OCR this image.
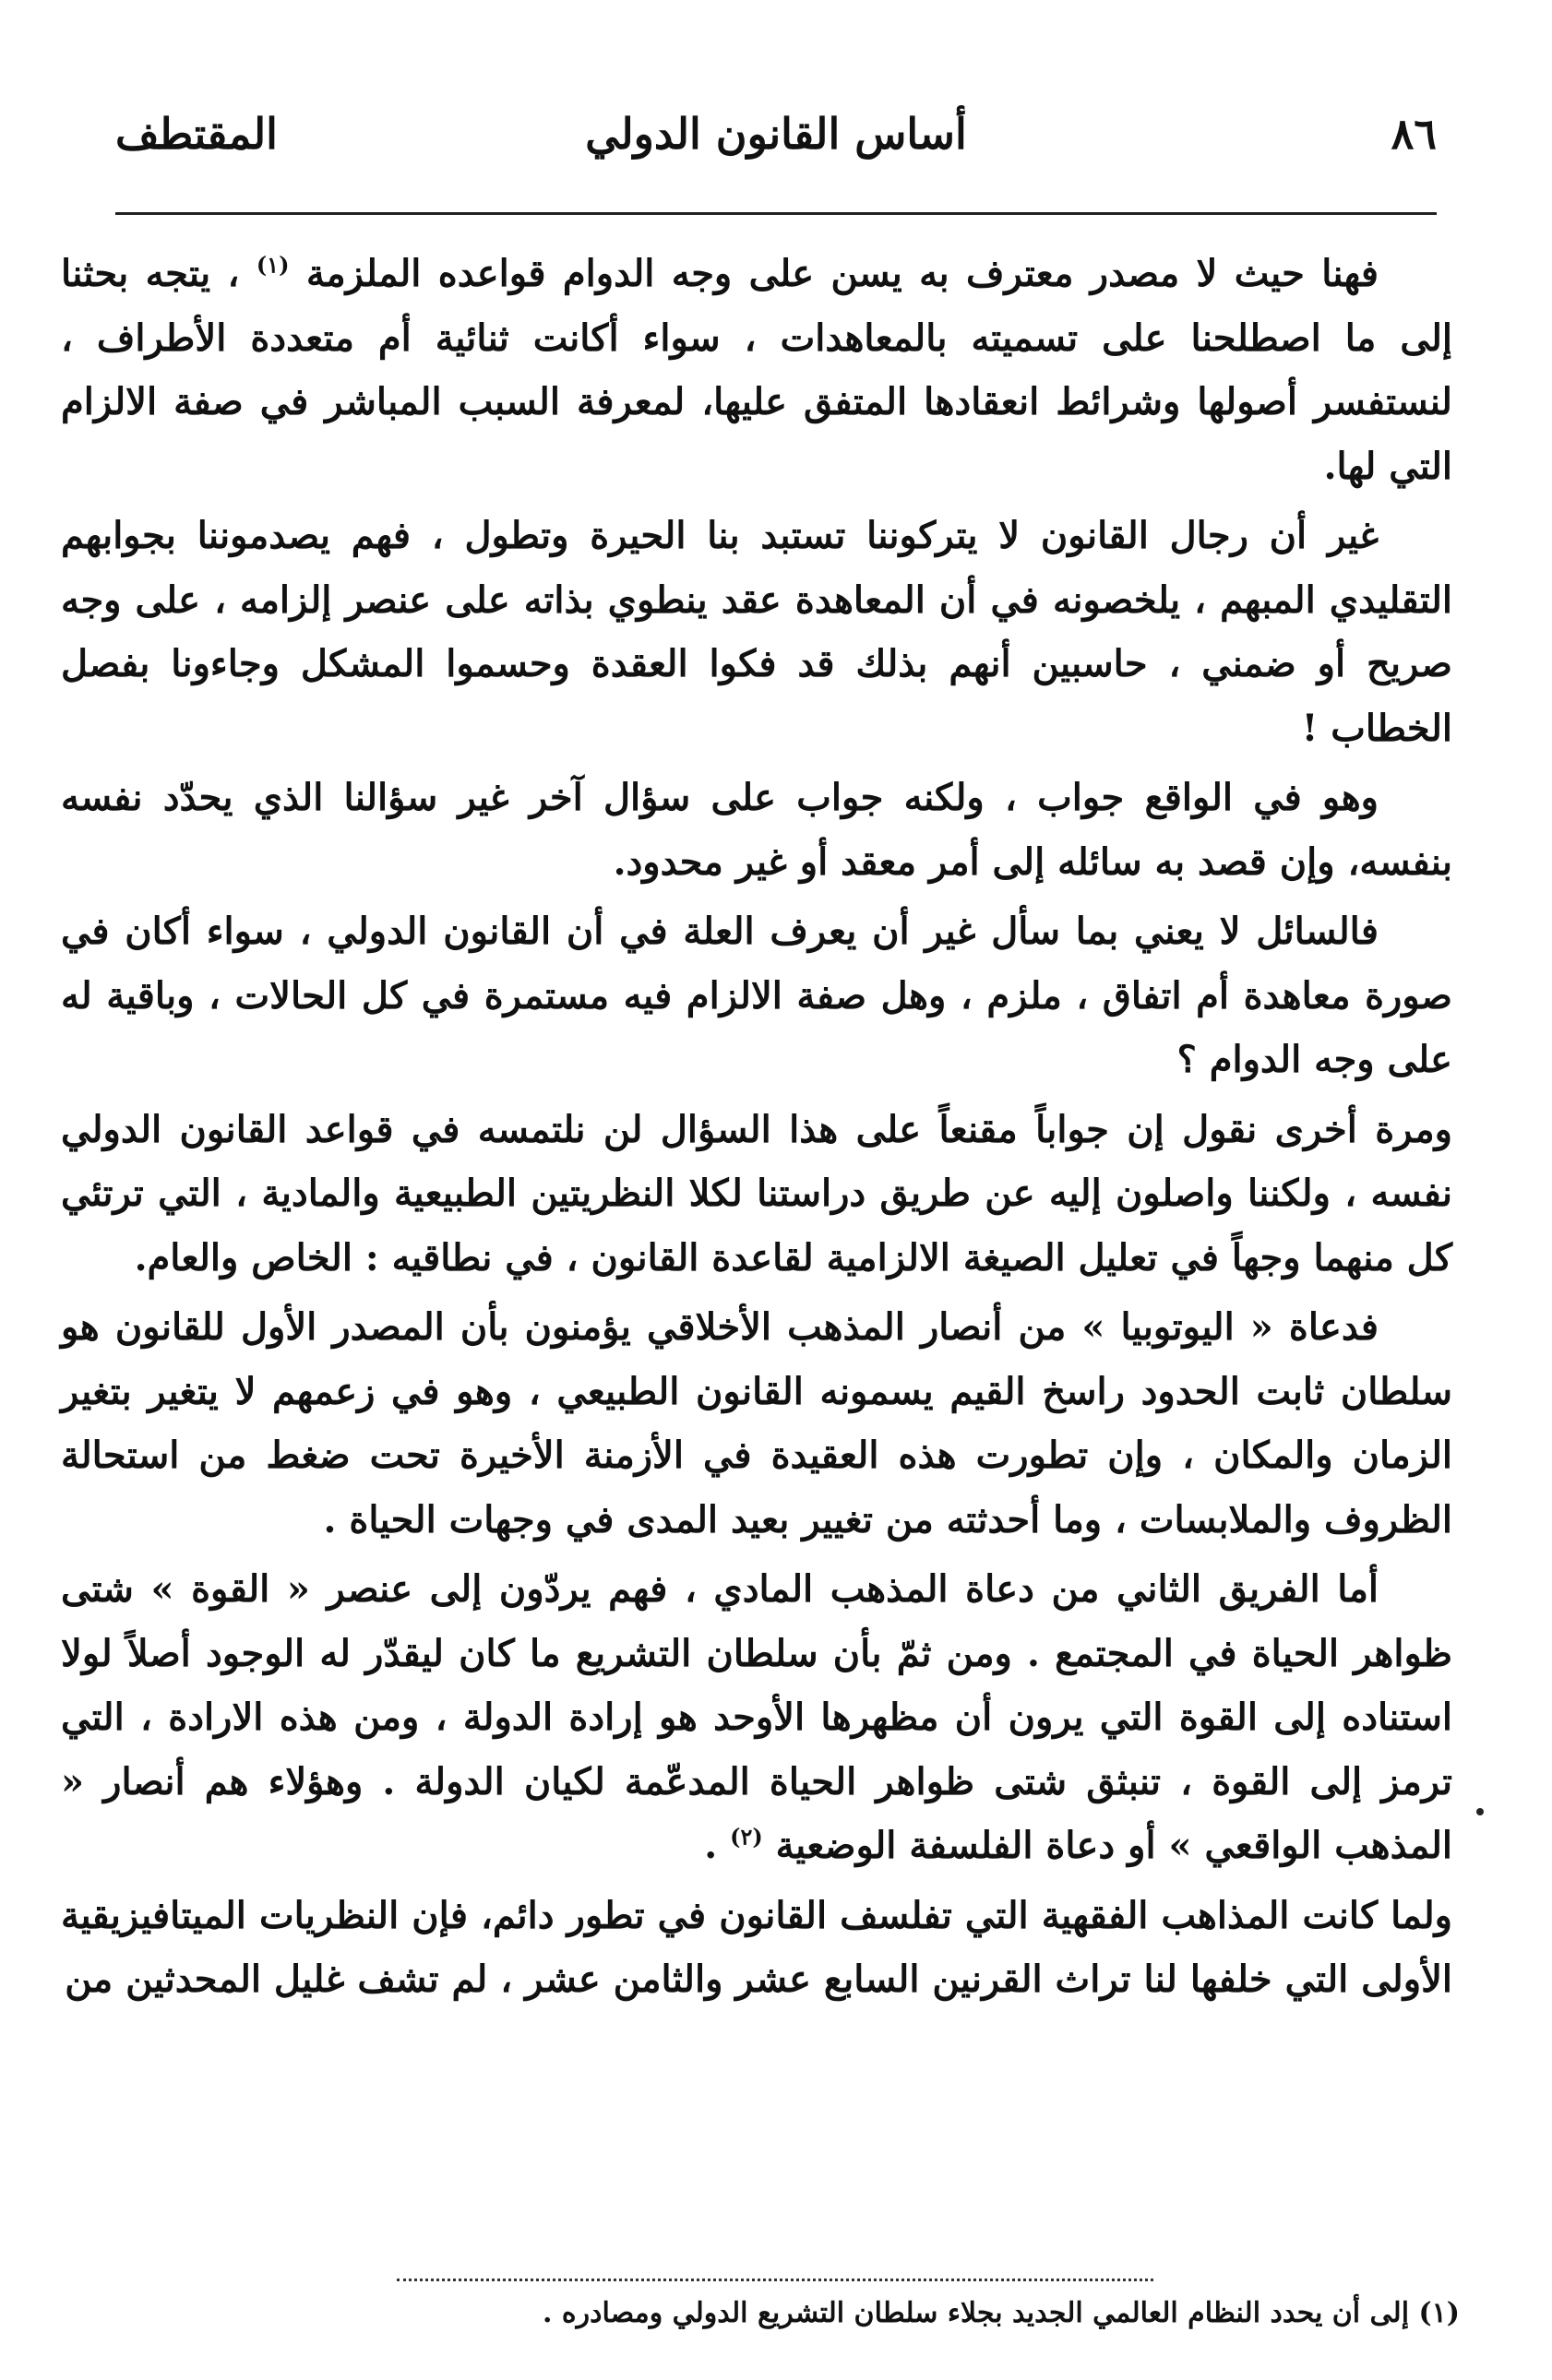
٨٦
أساس القانون الدولي
المقتطف

فهنا حيث لا مصدر معترف به يسن على وجه الدوام قواعده الملزمة $^{(١)}$ ، يتجه بحثنا إلى ما اصطلحنا على تسميته بالمعاهدات ، سواء أكانت ثنائية أم متعددة الأطراف ، لنستفسر أصولها وشرائط انعقادها المتفق عليها، لمعرفة السبب المباشر في صفة الالزام التي لها.

غير أن رجال القانون لا يتركوننا تستبد بنا الحيرة وتطول ، فهم يصدموننا بجوابهم التقليدي المبهم ، يلخصونه في أن المعاهدة عقد ينطوي بذاته على عنصر إلزامه ، على وجه صريح أو ضمني ، حاسبين أنهم بذلك قد فكوا العقدة وحسموا المشكل وجاءونا بفصل الخطاب !

وهو في الواقع جواب ، ولكنه جواب على سؤال آخر غير سؤالنا الذي يحدّد نفسه بنفسه، وإن قصد به سائله إلى أمر معقد أو غير محدود.

فالسائل لا يعني بما سأل غير أن يعرف العلة في أن القانون الدولي ، سواء أكان في صورة معاهدة أم اتفاق ، ملزم ، وهل صفة الالزام فيه مستمرة في كل الحالات ، وباقية له على وجه الدوام ؟

ومرة أخرى نقول إن جواباً مقنعاً على هذا السؤال لن نلتمسه في قواعد القانون الدولي نفسه ، ولكننا واصلون إليه عن طريق دراستنا لكلا النظريتين الطبيعية والمادية ، التي ترتئي كل منهما وجهاً في تعليل الصيغة الالزامية لقاعدة القانون ، في نطاقيه : الخاص والعام.

فدعاة « اليوتوبيا » من أنصار المذهب الأخلاقي يؤمنون بأن المصدر الأول للقانون هو سلطان ثابت الحدود راسخ القيم يسمونه القانون الطبيعي ، وهو في زعمهم لا يتغير بتغير الزمان والمكان ، وإن تطورت هذه العقيدة في الأزمنة الأخيرة تحت ضغط من استحالة الظروف والملابسات ، وما أحدثته من تغيير بعيد المدى في وجهات الحياة .

أما الفريق الثاني من دعاة المذهب المادي ، فهم يردّون إلى عنصر « القوة » شتى ظواهر الحياة في المجتمع . ومن ثمّ بأن سلطان التشريع ما كان ليقدّر له الوجود أصلاً لولا استناده إلى القوة التي يرون أن مظهرها الأوحد هو إرادة الدولة ، ومن هذه الارادة ، التي ترمز إلى القوة ، تنبثق شتى ظواهر الحياة المدعّمة لكيان الدولة . وهؤلاء هم أنصار « المذهب الواقعي » أو دعاة الفلسفة الوضعية $^{(٢)}$ .

ولما كانت المذاهب الفقهية التي تفلسف القانون في تطور دائم، فإن النظريات الميتافيزيقية الأولى التي خلفها لنا تراث القرنين السابع عشر والثامن عشر ، لم تشف غليل المحدثين من

(١) إلى أن يحدد النظام العالمي الجديد بجلاء سلطان التشريع الدولي ومصادره .
